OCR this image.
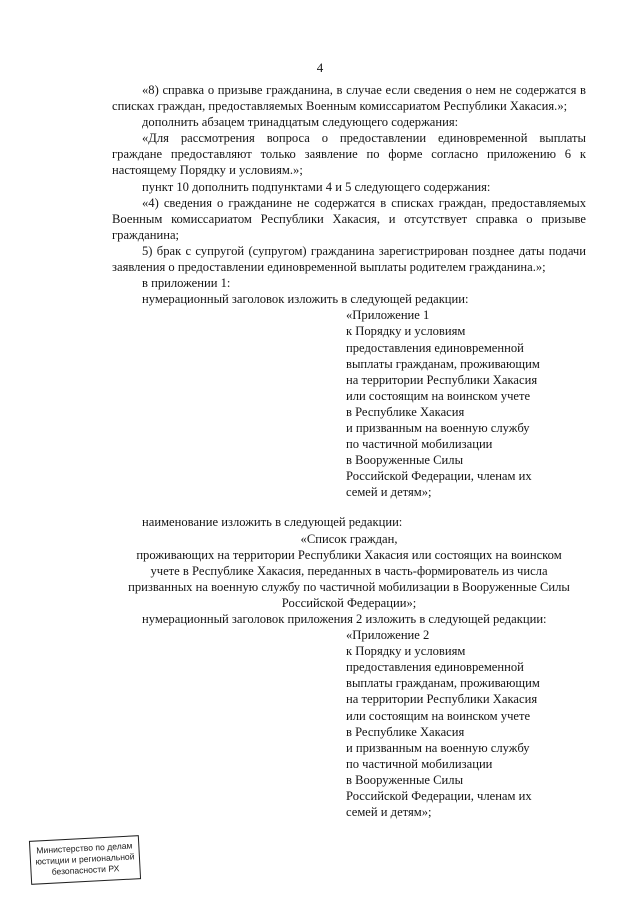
4

«8) справка о призыве гражданина, в случае если сведения о нем не содержатся в списках граждан, предоставляемых Военным комиссариатом Республики Хакасия.»;

дополнить абзацем тринадцатым следующего содержания:

«Для рассмотрения вопроса о предоставлении единовременной выплаты граждане предоставляют только заявление по форме согласно приложению 6 к настоящему Порядку и условиям.»;

пункт 10 дополнить подпунктами 4 и 5 следующего содержания:

«4) сведения о гражданине не содержатся в списках граждан, предоставляемых Военным комиссариатом Республики Хакасия, и отсутствует справка о призыве гражданина;

5) брак с супругой (супругом) гражданина зарегистрирован позднее даты подачи заявления о предоставлении единовременной выплаты родителем гражданина.»;

в приложении 1:

нумерационный заголовок изложить в следующей редакции:

«Приложение 1
к Порядку и условиям
предоставления единовременной
выплаты гражданам, проживающим
на территории Республики Хакасия
или состоящим на воинском учете
в Республике Хакасия
и призванным на военную службу
по частичной мобилизации
в Вооруженные Силы
Российской Федерации, членам их
семей и детям»;

наименование изложить в следующей редакции:

«Список граждан,
проживающих на территории Республики Хакасия или состоящих на воинском
учете в Республике Хакасия, переданных в часть-формирователь из числа
призванных на военную службу по частичной мобилизации в Вооруженные Силы
Российской Федерации»;

нумерационный заголовок приложения 2 изложить в следующей редакции:

«Приложение 2
к Порядку и условиям
предоставления единовременной
выплаты гражданам, проживающим
на территории Республики Хакасия
или состоящим на воинском учете
в Республике Хакасия
и призванным на военную службу
по частичной мобилизации
в Вооруженные Силы
Российской Федерации, членам их
семей и детям»;
Министерство по делам
юстиции и региональной
безопасности РХ
